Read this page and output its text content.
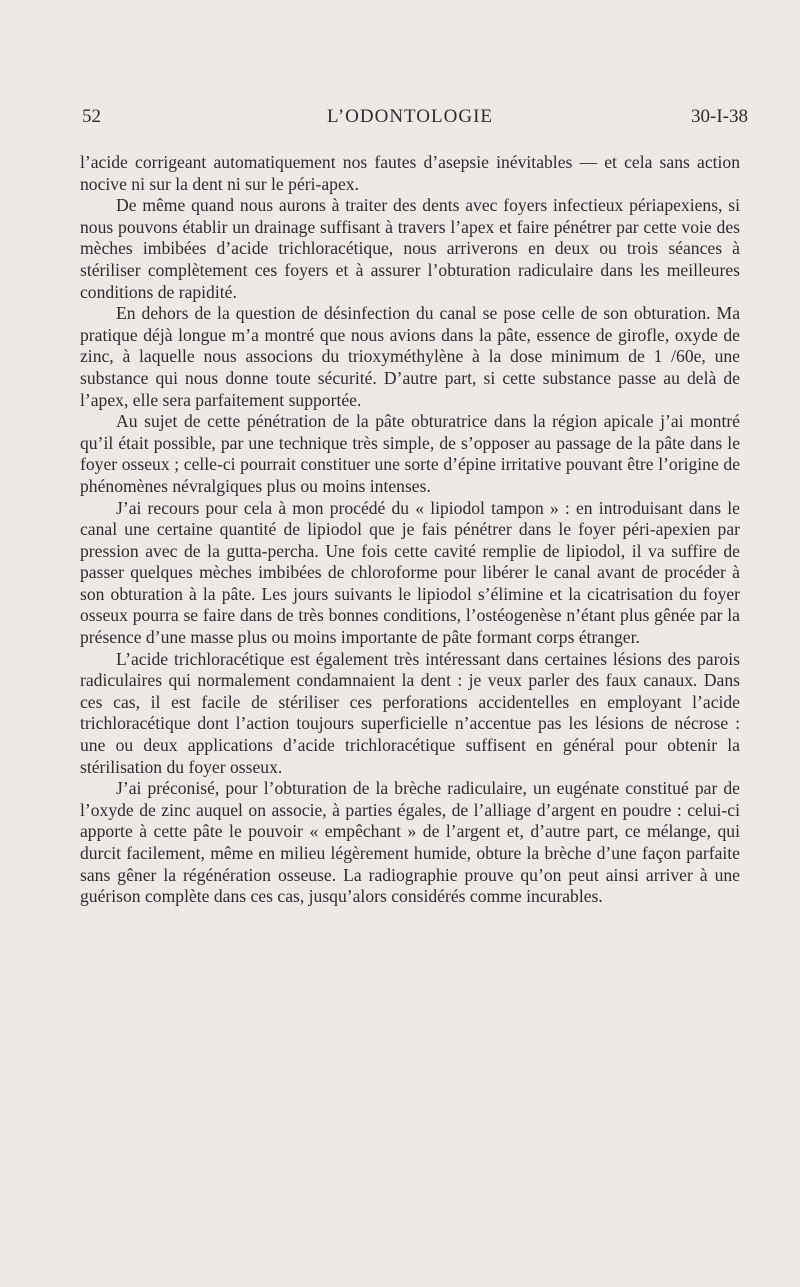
52	L’ODONTOLOGIE	30-I-38

l’acide corrigeant automatiquement nos fautes d’asepsie inévitables — et cela sans action nocive ni sur la dent ni sur le péri-apex.

De même quand nous aurons à traiter des dents avec foyers infectieux périapexiens, si nous pouvons établir un drainage suffisant à travers l’apex et faire pénétrer par cette voie des mèches imbibées d’acide trichloracétique, nous arriverons en deux ou trois séances à stériliser complètement ces foyers et à assurer l’obturation radiculaire dans les meilleures conditions de rapidité.

En dehors de la question de désinfection du canal se pose celle de son obturation. Ma pratique déjà longue m’a montré que nous avions dans la pâte, essence de girofle, oxyde de zinc, à laquelle nous associons du trioxyméthylène à la dose minimum de 1 /60e, une substance qui nous donne toute sécurité. D’autre part, si cette substance passe au delà de l’apex, elle sera parfaitement supportée.

Au sujet de cette pénétration de la pâte obturatrice dans la région apicale j’ai montré qu’il était possible, par une technique très simple, de s’opposer au passage de la pâte dans le foyer osseux ; celle-ci pourrait constituer une sorte d’épine irritative pouvant être l’origine de phénomènes névralgiques plus ou moins intenses.

J’ai recours pour cela à mon procédé du « lipiodol tampon » : en introduisant dans le canal une certaine quantité de lipiodol que je fais pénétrer dans le foyer péri-apexien par pression avec de la gutta-percha. Une fois cette cavité remplie de lipiodol, il va suffire de passer quelques mèches imbibées de chloroforme pour libérer le canal avant de procéder à son obturation à la pâte. Les jours suivants le lipiodol s’élimine et la cicatrisation du foyer osseux pourra se faire dans de très bonnes conditions, l’ostéogenèse n’étant plus gênée par la présence d’une masse plus ou moins importante de pâte formant corps étranger.

L’acide trichloracétique est également très intéressant dans certaines lésions des parois radiculaires qui normalement condamnaient la dent : je veux parler des faux canaux. Dans ces cas, il est facile de stériliser ces perforations accidentelles en employant l’acide trichloracétique dont l’action toujours superficielle n’accentue pas les lésions de nécrose : une ou deux applications d’acide trichloracétique suffisent en général pour obtenir la stérilisation du foyer osseux.

J’ai préconisé, pour l’obturation de la brèche radiculaire, un eugénate constitué par de l’oxyde de zinc auquel on associe, à parties égales, de l’alliage d’argent en poudre : celui-ci apporte à cette pâte le pouvoir « empêchant » de l’argent et, d’autre part, ce mélange, qui durcit facilement, même en milieu légèrement humide, obture la brèche d’une façon parfaite sans gêner la régénération osseuse. La radiographie prouve qu’on peut ainsi arriver à une guérison complète dans ces cas, jusqu’alors considérés comme incurables.
